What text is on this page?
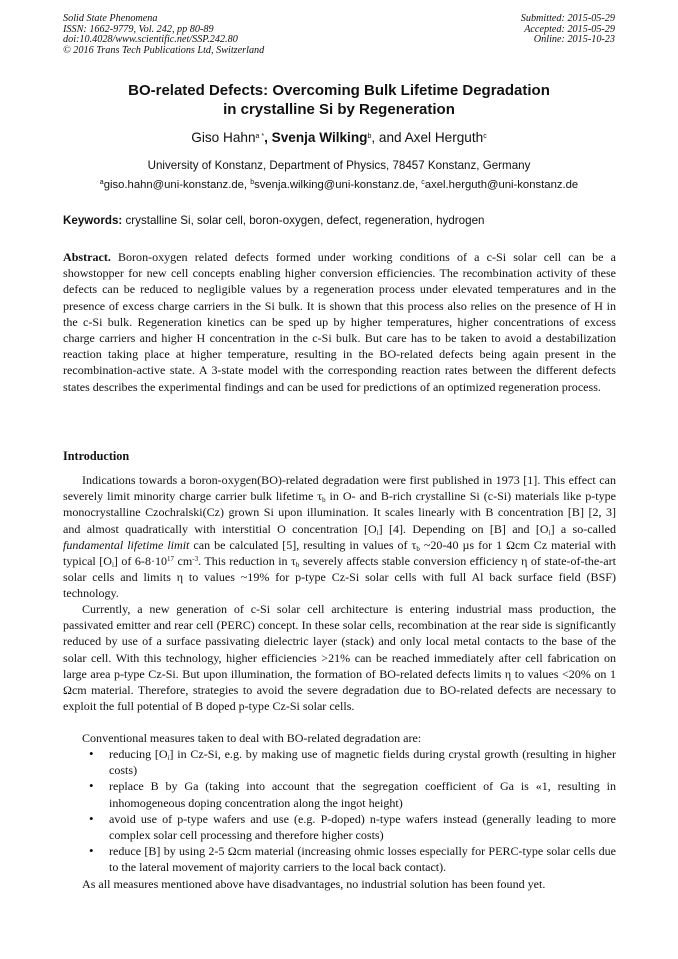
Solid State Phenomena
ISSN: 1662-9779, Vol. 242, pp 80-89
doi:10.4028/www.scientific.net/SSP.242.80
© 2016 Trans Tech Publications Ltd, Switzerland
Submitted: 2015-05-29
Accepted: 2015-05-29
Online: 2015-10-23
BO-related Defects: Overcoming Bulk Lifetime Degradation
in crystalline Si by Regeneration
Giso Hahn$^{a *}$, Svenja Wilking$^b$, and Axel Herguth$^c$
University of Konstanz, Department of Physics, 78457 Konstanz, Germany
$^a$giso.hahn@uni-konstanz.de, $^b$svenja.wilking@uni-konstanz.de, $^c$axel.herguth@uni-konstanz.de
Keywords: crystalline Si, solar cell, boron-oxygen, defect, regeneration, hydrogen
Abstract. Boron-oxygen related defects formed under working conditions of a c-Si solar cell can be a showstopper for new cell concepts enabling higher conversion efficiencies. The recombination activity of these defects can be reduced to negligible values by a regeneration process under elevated temperatures and in the presence of excess charge carriers in the Si bulk. It is shown that this process also relies on the presence of H in the c-Si bulk. Regeneration kinetics can be sped up by higher temperatures, higher concentrations of excess charge carriers and higher H concentration in the c-Si bulk. But care has to be taken to avoid a destabilization reaction taking place at higher temperature, resulting in the BO-related defects being again present in the recombination-active state. A 3-state model with the corresponding reaction rates between the different defects states describes the experimental findings and can be used for predictions of an optimized regeneration process.
Introduction
Indications towards a boron-oxygen(BO)-related degradation were first published in 1973 [1]. This effect can severely limit minority charge carrier bulk lifetime $\tau_b$ in O- and B-rich crystalline Si (c-Si) materials like p-type monocrystalline Czochralski(Cz) grown Si upon illumination. It scales linearly with B concentration [B] [2, 3] and almost quadratically with interstitial O concentration $[O_i]$ [4]. Depending on [B] and $[O_i]$ a so-called fundamental lifetime limit can be calculated [5], resulting in values of $\tau_b$ ~20-40 µs for 1 Ωcm Cz material with typical $[O_i]$ of $6-8\cdot 10^{17}$ $cm^{-3}$. This reduction in $\tau_b$ severely affects stable conversion efficiency η of state-of-the-art solar cells and limits η to values ~19% for p-type Cz-Si solar cells with full Al back surface field (BSF) technology.
Currently, a new generation of c-Si solar cell architecture is entering industrial mass production, the passivated emitter and rear cell (PERC) concept. In these solar cells, recombination at the rear side is significantly reduced by use of a surface passivating dielectric layer (stack) and only local metal contacts to the base of the solar cell. With this technology, higher efficiencies >21% can be reached immediately after cell fabrication on large area p-type Cz-Si. But upon illumination, the formation of BO-related defects limits η to values <20% on 1 Ωcm material. Therefore, strategies to avoid the severe degradation due to BO-related defects are necessary to exploit the full potential of B doped p-type Cz-Si solar cells.
Conventional measures taken to deal with BO-related degradation are:
• reducing $[O_i]$ in Cz-Si, e.g. by making use of magnetic fields during crystal growth (resulting in higher costs)
• replace B by Ga (taking into account that the segregation coefficient of Ga is «1, resulting in inhomogeneous doping concentration along the ingot height)
• avoid use of p-type wafers and use (e.g. P-doped) n-type wafers instead (generally leading to more complex solar cell processing and therefore higher costs)
• reduce [B] by using 2-5 Ωcm material (increasing ohmic losses especially for PERC-type solar cells due to the lateral movement of majority carriers to the local back contact).
As all measures mentioned above have disadvantages, no industrial solution has been found yet.
